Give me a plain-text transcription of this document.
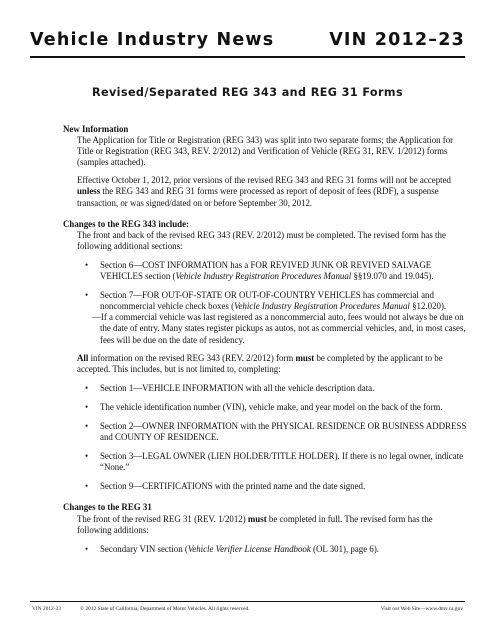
Vehicle Industry News	VIN 2012–23
Revised/Separated REG 343 and REG 31 Forms

New Information

The Application for Title or Registration (REG 343) was split into two separate forms; the Application for Title or Registration (REG 343, REV. 2/2012) and Verification of Vehicle (REG 31, REV. 1/2012) forms (samples attached).

Effective October 1, 2012, prior versions of the revised REG 343 and REG 31 forms will not be accepted unless the REG 343 and REG 31 forms were processed as report of deposit of fees (RDF), a suspense transaction, or was signed/dated on or before September 30, 2012.

Changes to the REG 343 include:

The front and back of the revised REG 343 (REV. 2/2012) must be completed. The revised form has the following additional sections:

• Section 6—COST INFORMATION has a FOR REVIVED JUNK OR REVIVED SALVAGE VEHICLES section (Vehicle Industry Registration Procedures Manual §§19.070 and 19.045).
• Section 7—FOR OUT-OF-STATE OR OUT-OF-COUNTRY VEHICLES has commercial and noncommercial vehicle check boxes (Vehicle Industry Registration Procedures Manual §12.020).

—If a commercial vehicle was last registered as a noncommercial auto, fees would not always be due on the date of entry. Many states register pickups as autos, not as commercial vehicles, and, in most cases, fees will be due on the date of residency.

All information on the revised REG 343 (REV. 2/2012) form must be completed by the applicant to be accepted. This includes, but is not limited to, completing:

• Section 1—VEHICLE INFORMATION with all the vehicle description data.
• The vehicle identification number (VIN), vehicle make, and year model on the back of the form.
• Section 2—OWNER INFORMATION with the PHYSICAL RESIDENCE OR BUSINESS ADDRESS and COUNTY OF RESIDENCE.
• Section 3—LEGAL OWNER (LIEN HOLDER/TITLE HOLDER). If there is no legal owner, indicate “None.”
• Section 9—CERTIFICATIONS with the printed name and the date signed.

Changes to the REG 31

The front of the revised REG 31 (REV. 1/2012) must be completed in full. The revised form has the following additions:

• Secondary VIN section (Vehicle Verifier License Handbook (OL 301), page 6).
VIN 2012-23	© 2012 State of California, Department of Motor Vehicles. All rights reserved.	Visit our Web Site—www.dmv.ca.gov
